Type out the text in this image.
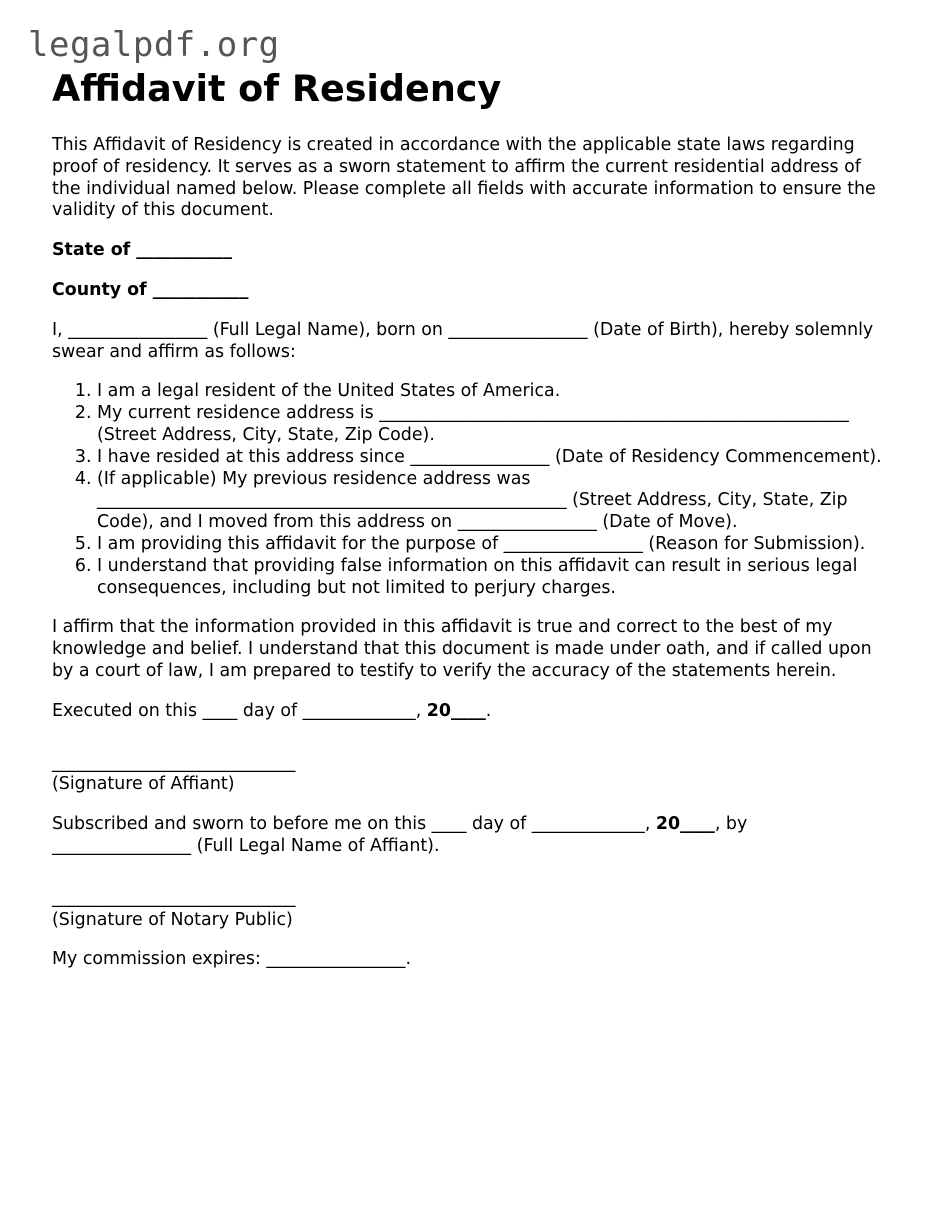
legalpdf.org
Affidavit of Residency

This Affidavit of Residency is created in accordance with the applicable state laws regarding proof of residency. It serves as a sworn statement to affirm the current residential address of the individual named below. Please complete all fields with accurate information to ensure the validity of this document.

State of ___________

County of ___________

I, ________________ (Full Legal Name), born on ________________ (Date of Birth), hereby solemnly swear and affirm as follows:

1. I am a legal resident of the United States of America.
2. My current residence address is ______________________________________________________ (Street Address, City, State, Zip Code).
3. I have resided at this address since ________________ (Date of Residency Commencement).
4. (If applicable) My previous residence address was ______________________________________________________ (Street Address, City, State, Zip Code), and I moved from this address on ________________ (Date of Move).
5. I am providing this affidavit for the purpose of ________________ (Reason for Submission).
6. I understand that providing false information on this affidavit can result in serious legal consequences, including but not limited to perjury charges.

I affirm that the information provided in this affidavit is true and correct to the best of my knowledge and belief. I understand that this document is made under oath, and if called upon by a court of law, I am prepared to testify to verify the accuracy of the statements herein.

Executed on this ____ day of _____________, 20____.

____________________________

(Signature of Affiant)

Subscribed and sworn to before me on this ____ day of _____________, 20____, by ________________ (Full Legal Name of Affiant).

____________________________

(Signature of Notary Public)

My commission expires: ________________.
